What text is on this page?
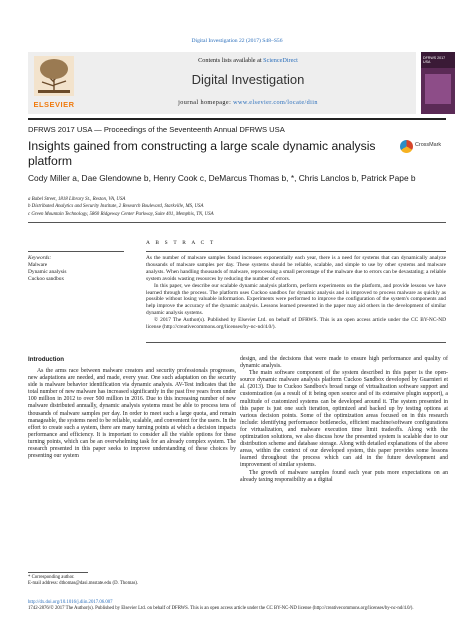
Digital Investigation 22 (2017) S48–S56
ELSEVIER
Contents lists available at ScienceDirect
Digital Investigation
journal homepage: www.elsevier.com/locate/diin
DFRWS 2017 USA
DFRWS 2017 USA — Proceedings of the Seventeenth Annual DFRWS USA
Insights gained from constructing a large scale dynamic analysis platform
CrossMark
Cody Miller a, Dae Glendowne b, Henry Cook c, DeMarcus Thomas b, *, Chris Lanclos b, Patrick Pape b
a Babel Street, 1818 Library St., Reston, VA, USA
b Distributed Analytics and Security Institute, 2 Research Boulevard, Starkville, MS, USA
c Green Mountain Technology, 5860 Ridgeway Center Parkway, Suite 401, Memphis, TN, USA
Keywords:
Malware
Dynamic analysis
Cuckoo sandbox
A B S T R A C T

As the number of malware samples found increases exponentially each year, there is a need for systems that can dynamically analyze thousands of malware samples per day. These systems should be reliable, scalable, and simple to use by other systems and malware analysts. When handling thousands of malware, reprocessing a small percentage of the malware due to errors can be devastating; a reliable system avoids wasting resources by reducing the number of errors.

In this paper, we describe our scalable dynamic analysis platform, perform experiments on the platform, and provide lessons we have learned through the process. The platform uses Cuckoo sandbox for dynamic analysis and is improved to process malware as quickly as possible without losing valuable information. Experiments were performed to improve the configuration of the system's components and help improve the accuracy of the dynamic analysis. Lessons learned presented in the paper may aid others in the development of similar dynamic analysis systems.

© 2017 The Author(s). Published by Elsevier Ltd. on behalf of DFRWS. This is an open access article under the CC BY-NC-ND license (http://creativecommons.org/licenses/by-nc-nd/4.0/).

Introduction

As the arms race between malware creators and security professionals progresses, new adaptations are needed, and made, every year. One such adaptation on the security side is malware behavior identification via dynamic analysis. AV-Test indicates that the total number of new malware has increased significantly in the past five years from under 100 million in 2012 to over 500 million in 2016. Due to this increasing number of new malware distributed annually, dynamic analysis systems must be able to process tens of thousands of malware samples per day. In order to meet such a large quota, and remain manageable, the systems need to be reliable, scalable, and convenient for the users. In the effort to create such a system, there are many turning points at which a decision impacts performance and efficiency. It is important to consider all the viable options for these turning points, which can be an overwhelming task for an already complex system. The research presented in this paper seeks to improve understanding of these choices by presenting our system

design, and the decisions that were made to ensure high performance and quality of dynamic analysis.

The main software component of the system described in this paper is the open-source dynamic malware analysis platform Cuckoo Sandbox developed by Guarnieri et al. (2013). Due to Cuckoo Sandbox's broad range of virtualization software support and customization (as a result of it being open source and of its extensive plugin support), a multitude of customized systems can be developed around it. The system presented in this paper is just one such iteration, optimized and backed up by testing options at various decision points. Some of the optimization areas focused on in this research include: identifying performance bottlenecks, efficient machine/software configurations for virtualization, and malware execution time limit tradeoffs. Along with the optimization solutions, we also discuss how the presented system is scalable due to our distribution scheme and database storage. Along with detailed explanations of the above areas, within the context of our developed system, this paper provides some lessons learned throughout the process which can aid in the future development and improvement of similar systems.

The growth of malware samples found each year puts more expectations on an already taxing responsibility as a digital

* Corresponding author.
E-mail address: dthomas@dasi.msstate.edu (D. Thomas).
http://dx.doi.org/10.1016/j.diin.2017.06.007
1742-2876/© 2017 The Author(s). Published by Elsevier Ltd. on behalf of DFRWS. This is an open access article under the CC BY-NC-ND license (http://creativecommons.org/licenses/by-nc-nd/4.0/).
